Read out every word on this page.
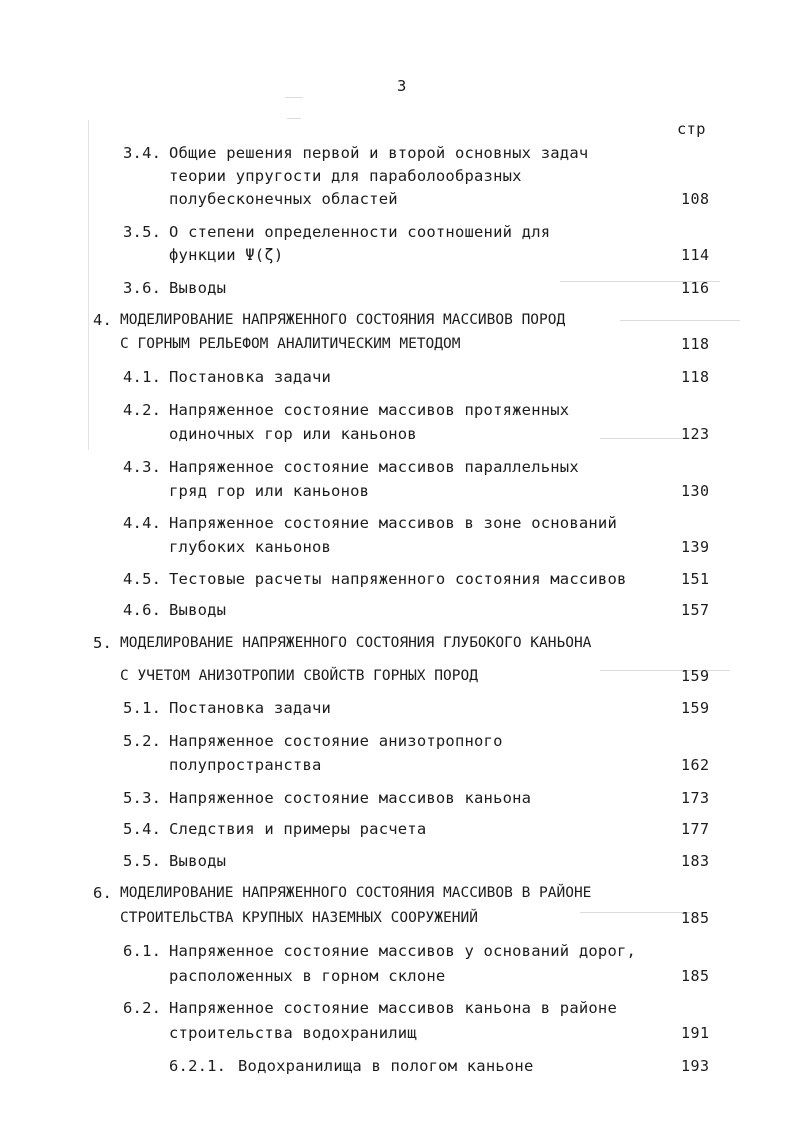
3
стр
3.4. Общие решения первой и второй основных задач
теории упругости для параболообразных
полубесконечных областей	108
3.5. О степени определенности соотношений для
функции Ψ(ζ)	114
3.6. Выводы	116
4. МОДЕЛИРОВАНИЕ НАПРЯЖЕННОГО СОСТОЯНИЯ МАССИВОВ ПОРОД
С ГОРНЫМ РЕЛЬЕФОМ АНАЛИТИЧЕСКИМ МЕТОДОМ	118
4.1. Постановка задачи	118
4.2. Напряженное состояние массивов протяженных
одиночных гор или каньонов	123
4.3. Напряженное состояние массивов параллельных
гряд гор или каньонов	130
4.4. Напряженное состояние массивов в зоне оснований
глубоких каньонов	139
4.5. Тестовые расчеты напряженного состояния массивов	151
4.6. Выводы	157
5. МОДЕЛИРОВАНИЕ НАПРЯЖЕННОГО СОСТОЯНИЯ ГЛУБОКОГО КАНЬОНА
С УЧЕТОМ АНИЗОТРОПИИ СВОЙСТВ ГОРНЫХ ПОРОД	159
5.1. Постановка задачи	159
5.2. Напряженное состояние анизотропного
полупространства	162
5.3. Напряженное состояние массивов каньона	173
5.4. Следствия и примеры расчета	177
5.5. Выводы	183
6. МОДЕЛИРОВАНИЕ НАПРЯЖЕННОГО СОСТОЯНИЯ МАССИВОВ В РАЙОНЕ
СТРОИТЕЛЬСТВА КРУПНЫХ НАЗЕМНЫХ СООРУЖЕНИЙ	185
6.1. Напряженное состояние массивов у оснований дорог,
расположенных в горном склоне	185
6.2. Напряженное состояние массивов каньона в районе
строительства водохранилищ	191
6.2.1. Водохранилища в пологом каньоне	193
